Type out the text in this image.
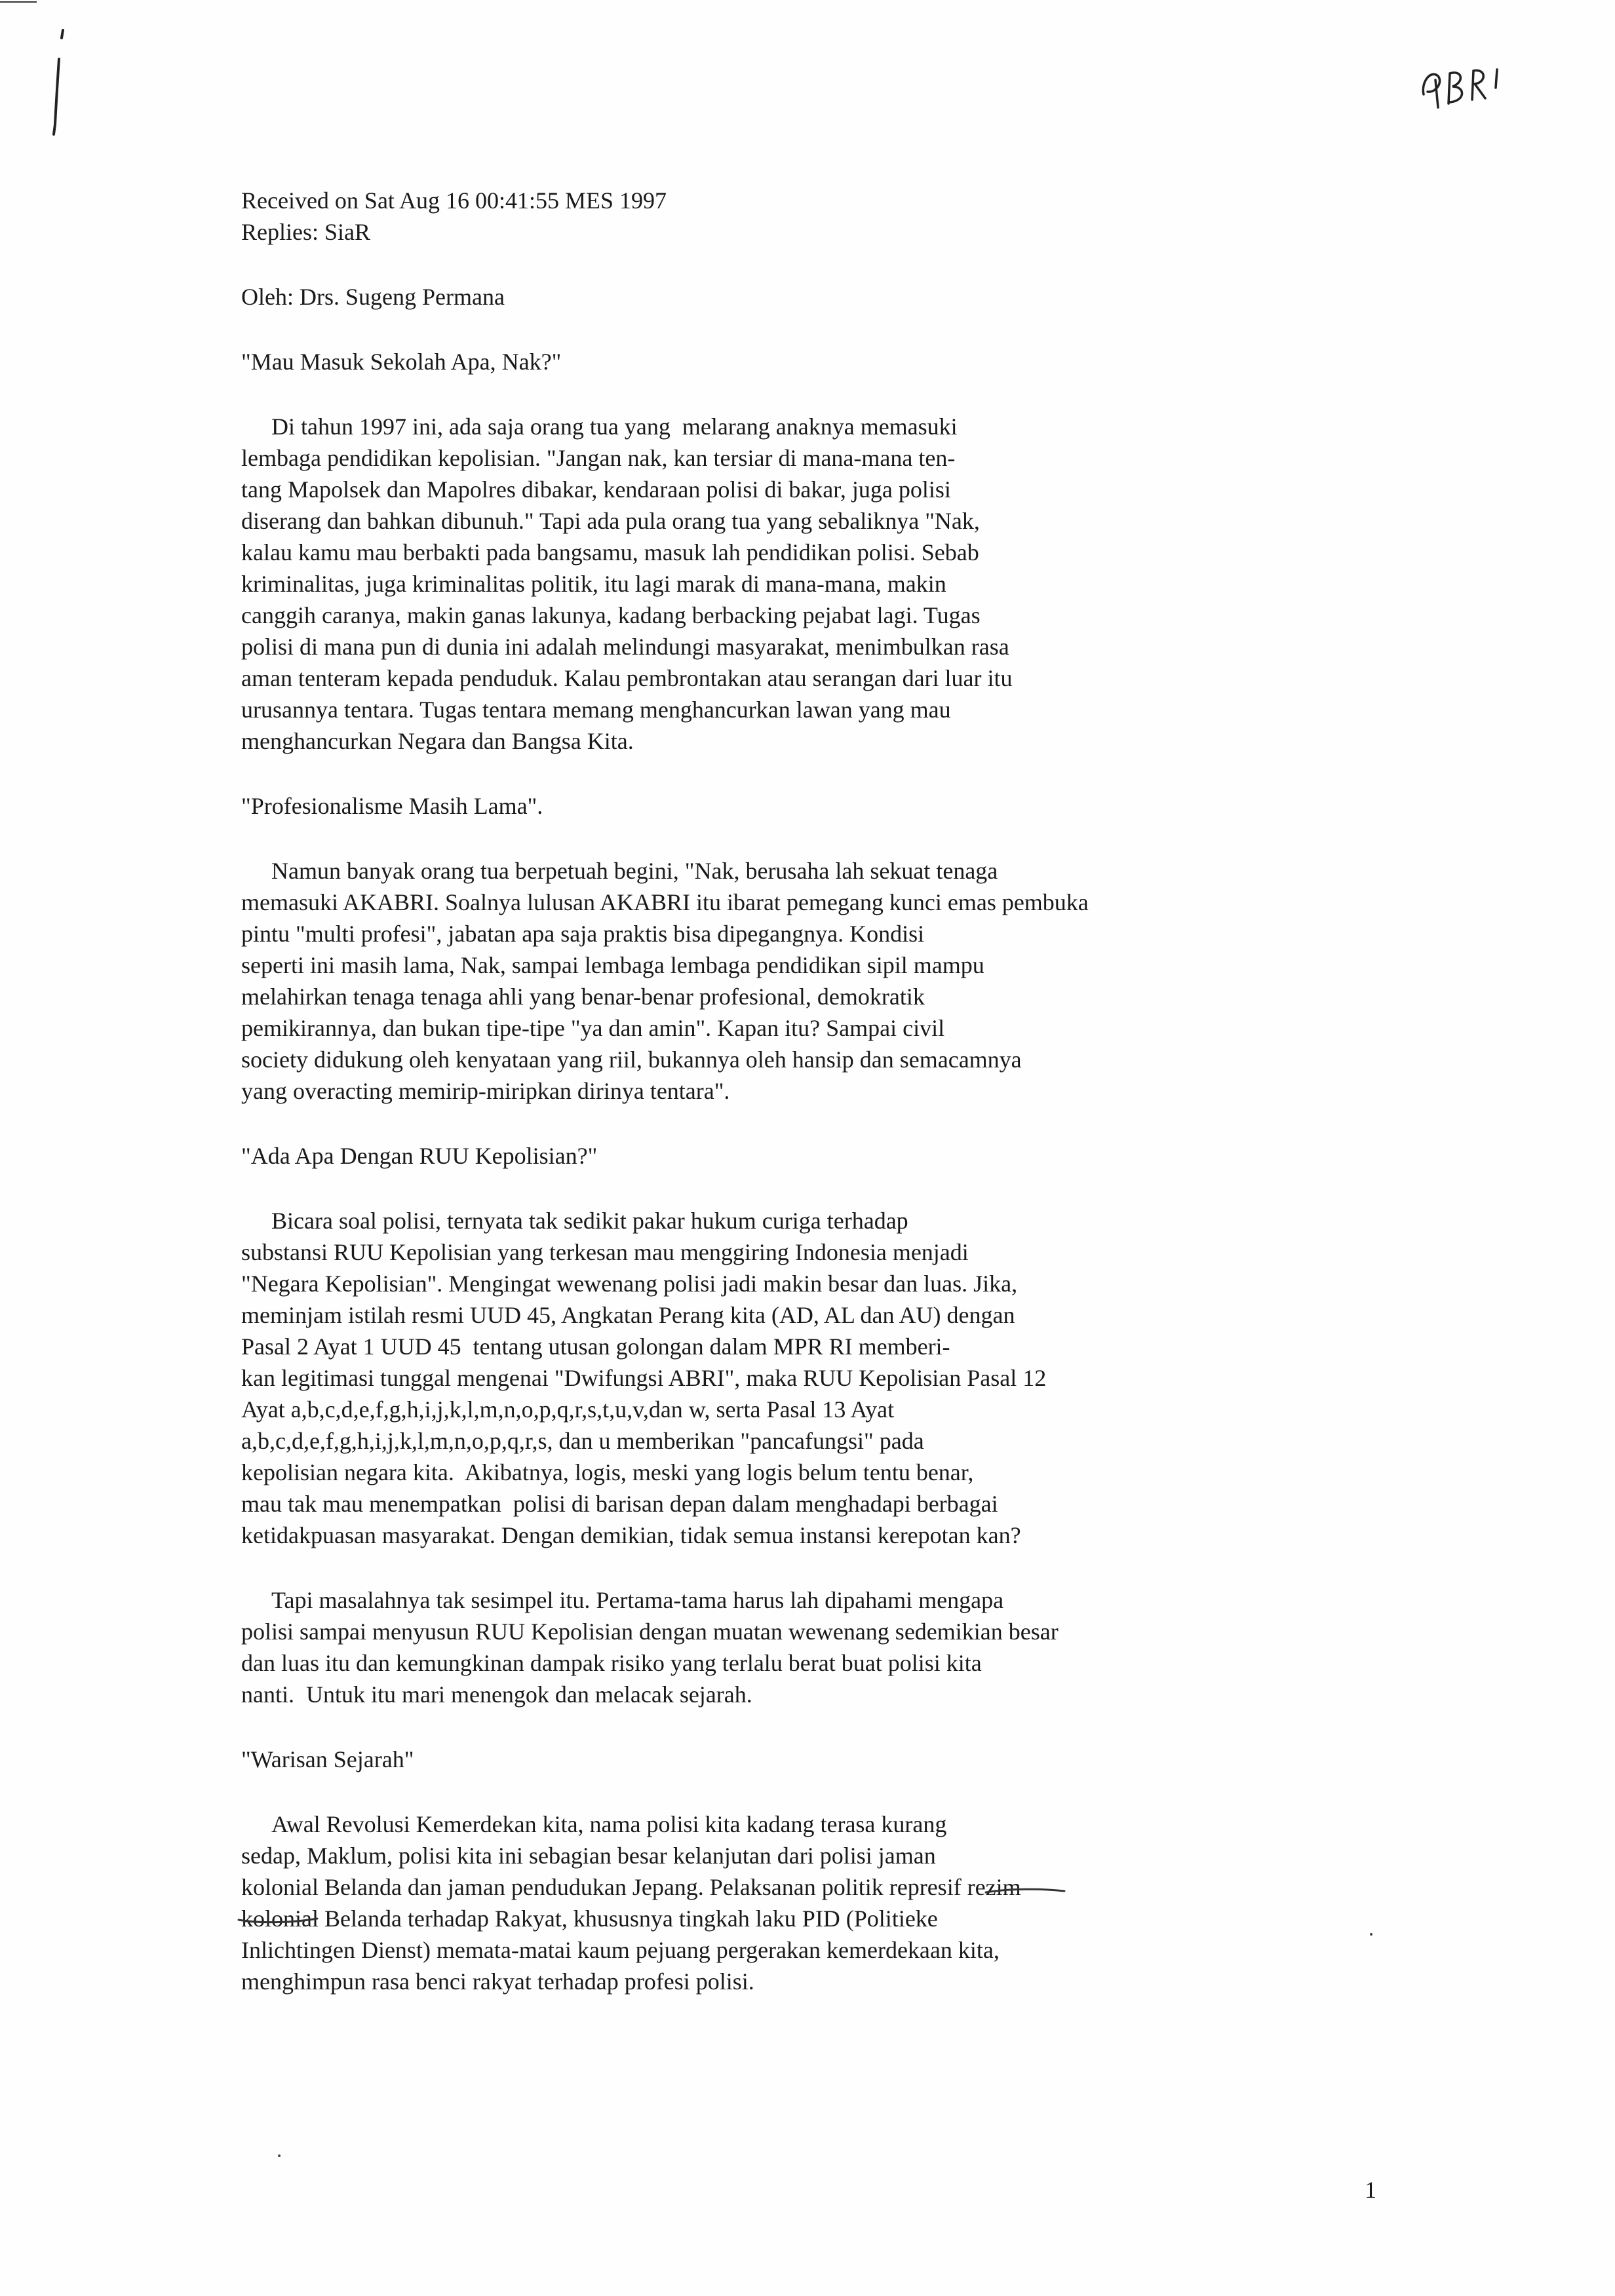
Received on Sat Aug 16 00:41:55 MES 1997

Replies: SiaR

Oleh: Drs. Sugeng Permana

"Mau Masuk Sekolah Apa, Nak?"

Di tahun 1997 ini, ada saja orang tua yang  melarang anaknya memasuki

lembaga pendidikan kepolisian. "Jangan nak, kan tersiar di mana-mana ten-

tang Mapolsek dan Mapolres dibakar, kendaraan polisi di bakar, juga polisi

diserang dan bahkan dibunuh." Tapi ada pula orang tua yang sebaliknya "Nak,

kalau kamu mau berbakti pada bangsamu, masuk lah pendidikan polisi. Sebab

kriminalitas, juga kriminalitas politik, itu lagi marak di mana-mana, makin

canggih caranya, makin ganas lakunya, kadang berbacking pejabat lagi. Tugas

polisi di mana pun di dunia ini adalah melindungi masyarakat, menimbulkan rasa

aman tenteram kepada penduduk. Kalau pembrontakan atau serangan dari luar itu

urusannya tentara. Tugas tentara memang menghancurkan lawan yang mau

menghancurkan Negara dan Bangsa Kita.

"Profesionalisme Masih Lama".

Namun banyak orang tua berpetuah begini, "Nak, berusaha lah sekuat tenaga

memasuki AKABRI. Soalnya lulusan AKABRI itu ibarat pemegang kunci emas pembuka

pintu "multi profesi", jabatan apa saja praktis bisa dipegangnya. Kondisi

seperti ini masih lama, Nak, sampai lembaga lembaga pendidikan sipil mampu

melahirkan tenaga tenaga ahli yang benar-benar profesional, demokratik

pemikirannya, dan bukan tipe-tipe "ya dan amin". Kapan itu? Sampai civil

society didukung oleh kenyataan yang riil, bukannya oleh hansip dan semacamnya

yang overacting memirip-miripkan dirinya tentara".

"Ada Apa Dengan RUU Kepolisian?"

Bicara soal polisi, ternyata tak sedikit pakar hukum curiga terhadap

substansi RUU Kepolisian yang terkesan mau menggiring Indonesia menjadi

"Negara Kepolisian". Mengingat wewenang polisi jadi makin besar dan luas. Jika,

meminjam istilah resmi UUD 45, Angkatan Perang kita (AD, AL dan AU) dengan

Pasal 2 Ayat 1 UUD 45  tentang utusan golongan dalam MPR RI memberi-

kan legitimasi tunggal mengenai "Dwifungsi ABRI", maka RUU Kepolisian Pasal 12

Ayat a,b,c,d,e,f,g,h,i,j,k,l,m,n,o,p,q,r,s,t,u,v,dan w, serta Pasal 13 Ayat

a,b,c,d,e,f,g,h,i,j,k,l,m,n,o,p,q,r,s, dan u memberikan "pancafungsi" pada

kepolisian negara kita.  Akibatnya, logis, meski yang logis belum tentu benar,

mau tak mau menempatkan  polisi di barisan depan dalam menghadapi berbagai

ketidakpuasan masyarakat. Dengan demikian, tidak semua instansi kerepotan kan?

Tapi masalahnya tak sesimpel itu. Pertama-tama harus lah dipahami mengapa

polisi sampai menyusun RUU Kepolisian dengan muatan wewenang sedemikian besar

dan luas itu dan kemungkinan dampak risiko yang terlalu berat buat polisi kita

nanti.  Untuk itu mari menengok dan melacak sejarah.

"Warisan Sejarah"

Awal Revolusi Kemerdekan kita, nama polisi kita kadang terasa kurang

sedap, Maklum, polisi kita ini sebagian besar kelanjutan dari polisi jaman

kolonial Belanda dan jaman pendudukan Jepang. Pelaksanan politik represif rezim

kolonial Belanda terhadap Rakyat, khususnya tingkah laku PID (Politieke

Inlichtingen Dienst) memata-matai kaum pejuang pergerakan kemerdekaan kita,

menghimpun rasa benci rakyat terhadap profesi polisi.

1
